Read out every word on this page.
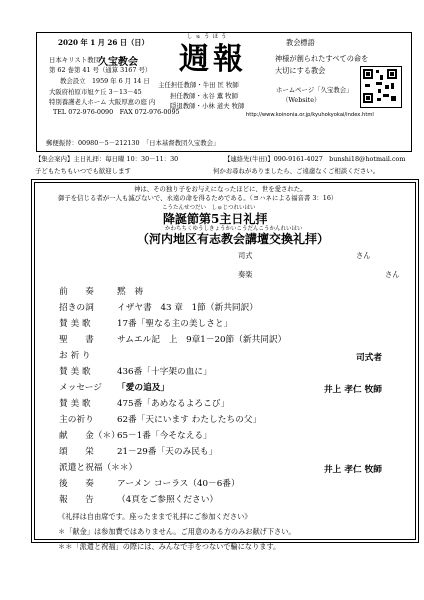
2020 年 1 月 26 日（日）
日本キリスト教団
久宝教会
第 62 巻第 41 号（通算 3167 号）
教会設立　1959 年 6 月 14 日
大阪府柏原市旭ケ丘 3－13－45
特別養護老人ホーム 大阪厚恵の庭 内
TEL 072-976-0090　FAX 072-976-0095
しゅうほう
週報
主任担任教師・牛田 匡 牧師
担任教師・永谷 薫 牧師
隠退教師・小林 道夫 牧師
教会標語
神様が創られたすべての命を
大切にする教会
ホームページ「久宝教会」
（Website）
http://www.koinonia.or.jp/kyuhokyokai/index.html
郵便振替：00980－5－212130　「日本基督教団久宝教会」
【集会案内】主日礼拝：毎日曜 10：30－11：30	【連絡先(牛田)】090-9161-4027　bunshi18@hotmail.com
子どもたちもいつでも歓迎します	何かお尋ねがありましたら、ご遠慮なくご相談ください。
神は、その独り子をお与えになったほどに、世を愛された。
御子を信じる者が一人も滅びないで、永遠の命を得るためである。（ヨハネによる福音書 3：16）
こうたんせつだい　しゅじつれいはい
降誕節第5主日礼拝
かわちちくゆうしきょうかいこうだんこうかんれいはい
（河内地区有志教会講壇交換礼拝）
司式	さん
奏楽	さん
前　　奏	黙　祷
招きの詞	イザヤ書　43 章　1節（新共同訳）
賛 美 歌	17番「聖なる主の美しさと」
聖　　書	サムエル記　上　9章1－20節（新共同訳）
お 祈 り	司式者
賛 美 歌	436番「十字架の血に」
メッセージ 「愛の追及」	井上 孝仁 牧師
賛 美 歌	475番「あめなるよろこび」
主の祈り	62番「天にいます わたしたちの父」
献　　金（＊）65－1番「今そなえる」
頌　　栄	21－29番「天のみ民も」
派遣と祝福（＊＊）	井上 孝仁 牧師
後　　奏	アーメン コーラス（40－6番）
報　　告	（4頁をご参照ください）
《礼拝は自由席です。座ったままで礼拝にご参加ください》
＊「献金」は参加費ではありません。ご用意のある方のみお献げ下さい。
＊＊「派遣と祝福」の際には、みんなで手をつないで輪になります。
